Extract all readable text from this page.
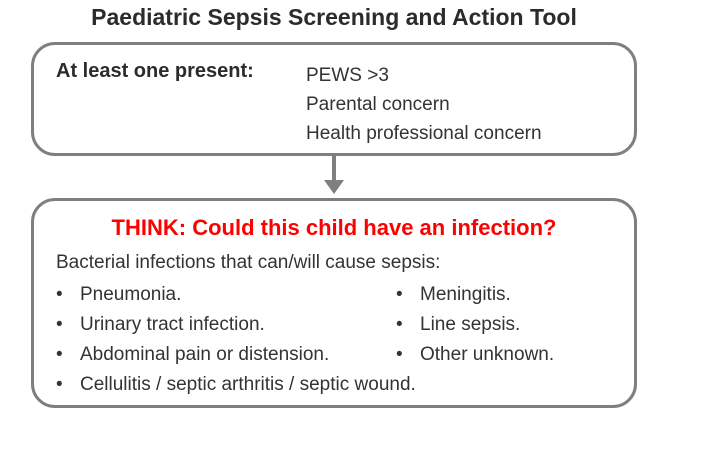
Paediatric Sepsis Screening and Action Tool
At least one present:	PEWS >3
Parental concern
Health professional concern
THINK: Could this child have an infection?
Bacterial infections that can/will cause sepsis:
• Pneumonia.
• Urinary tract infection.
• Abdominal pain or distension.
• Cellulitis / septic arthritis / septic wound.
• Meningitis.
• Line sepsis.
• Other unknown.
